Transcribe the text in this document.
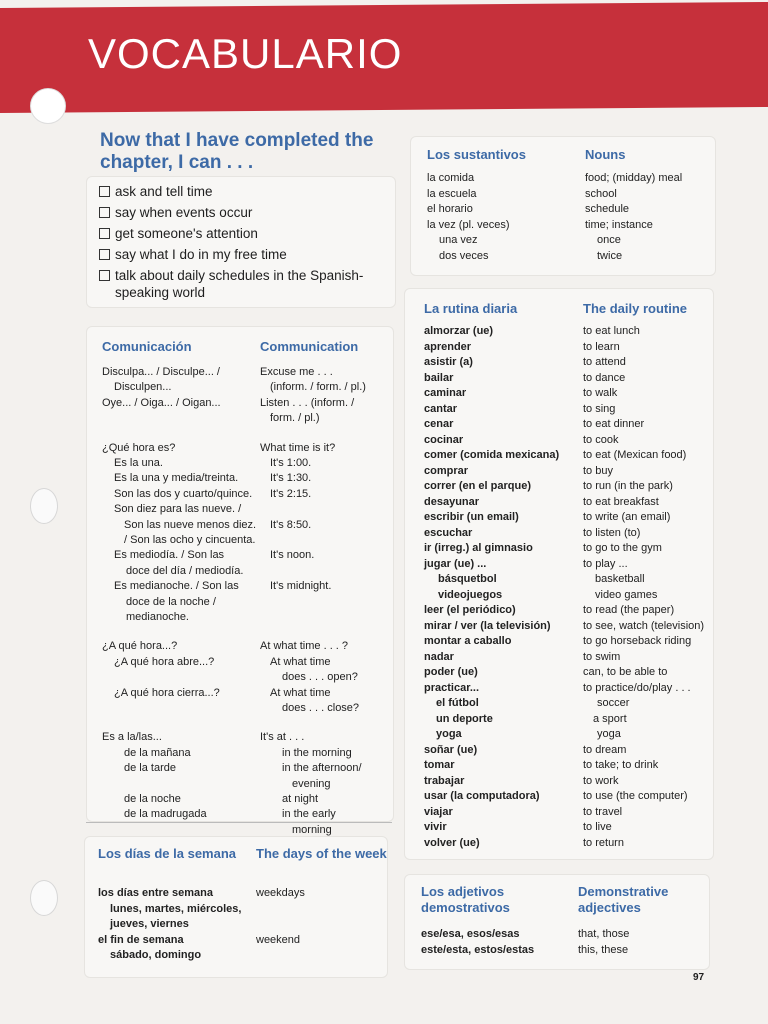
VOCABULARIO
Now that I have completed the chapter, I can . . .
ask and tell time
say when events occur
get someone's attention
say what I do in my free time
talk about daily schedules in the Spanish-speaking world
97
Comunicación	Communication
Disculpa... / Disculpe... /	Excuse me . . .
Disculpen...	(inform. / form. / pl.)
Oye... / Oiga... / Oigan...	Listen . . . (inform. /
form. / pl.)
¿Qué hora es?	What time is it?
Es la una.	It's 1:00.
Es la una y media/treinta.	It's 1:30.
Son las dos y cuarto/quince. It's 2:15.
Son diez para las nueve. /
Son las nueve menos diez. It's 8:50.
/ Son las ocho y cincuenta.
Es mediodía. / Son las	It's noon.
doce del día / mediodía.
Es medianoche. / Son las	It's midnight.
doce de la noche /
medianoche.
¿A qué hora...?	At what time . . . ?
¿A qué hora abre...?	At what time
does . . . open?
¿A qué hora cierra...?	At what time
does . . . close?
Es a la/las...	It's at . . .
de la mañana	in the morning
de la tarde	in the afternoon/
evening
de la noche	at night
de la madrugada	in the early
morning
Los días de la semana The days of the week
los días entre semana	weekdays
lunes, martes, miércoles,
jueves, viernes
el fin de semana	weekend
sábado, domingo
Los sustantivos	Nouns
la comida	food; (midday) meal
la escuela	school
el horario	schedule
la vez (pl. veces)	time; instance
una vez	once
dos veces	twice
La rutina diaria	The daily routine
almorzar (ue)	to eat lunch
aprender	to learn
asistir (a)	to attend
bailar	to dance
caminar	to walk
cantar	to sing
cenar	to eat dinner
cocinar	to cook
comer (comida mexicana) to eat (Mexican food)
comprar	to buy
correr (en el parque)	to run (in the park)
desayunar	to eat breakfast
escribir (un email)	to write (an email)
escuchar	to listen (to)
ir (irreg.) al gimnasio	to go to the gym
jugar (ue) ...	to play ...
básquetbol	basketball
videojuegos	video games
leer (el periódico)	to read (the paper)
mirar / ver (la televisión)	to see, watch (television)
montar a caballo	to go horseback riding
nadar	to swim
poder (ue)	can, to be able to
practicar...	to practice/do/play . . .
el fútbol	soccer
un deporte	a sport
yoga	yoga
soñar (ue)	to dream
tomar	to take; to drink
trabajar	to work
usar (la computadora)	to use (the computer)
viajar	to travel
vivir	to live
volver (ue)	to return
Los adjetivos demostrativos
Demonstrative adjectives
ese/esa, esos/esas	that, those
este/esta, estos/estas	this, these
